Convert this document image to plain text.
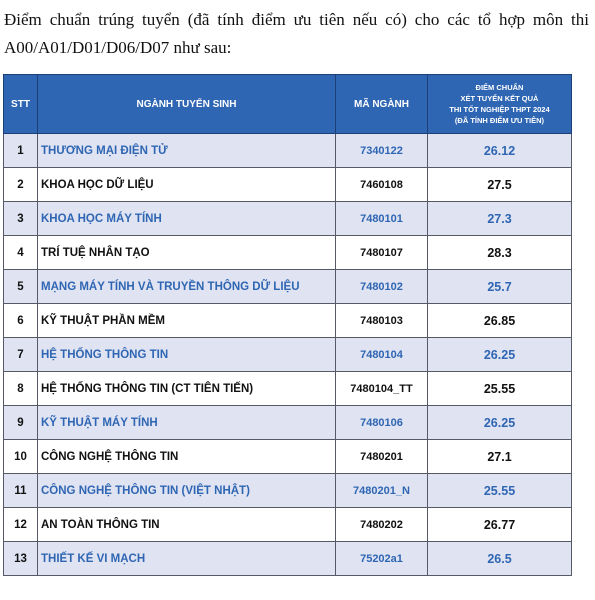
Điểm chuẩn trúng tuyển (đã tính điểm ưu tiên nếu có) cho các tổ hợp môn thi
A00/A01/D01/D06/D07 như sau:
STT	NGÀNH TUYỂN SINH	MÃ NGÀNH	ĐIỂM CHUẨN
XÉT TUYỂN KẾT QUẢ
THI TỐT NGHIỆP THPT 2024
(ĐÃ TÍNH ĐIỂM ƯU TIÊN)

1	THƯƠNG MẠI ĐIỆN TỬ	7340122	26.12
2	KHOA HỌC DỮ LIỆU	7460108	27.5
3	KHOA HỌC MÁY TÍNH	7480101	27.3
4	TRÍ TUỆ NHÂN TẠO	7480107	28.3
5	MẠNG MÁY TÍNH VÀ TRUYỀN THÔNG DỮ LIỆU	7480102	25.7
6	KỸ THUẬT PHẦN MỀM	7480103	26.85
7	HỆ THỐNG THÔNG TIN	7480104	26.25
8	HỆ THỐNG THÔNG TIN (CT TIÊN TIẾN)	7480104_TT	25.55
9	KỸ THUẬT MÁY TÍNH	7480106	26.25
10	CÔNG NGHỆ THÔNG TIN	7480201	27.1
11	CÔNG NGHỆ THÔNG TIN (VIỆT NHẬT)	7480201_N	25.55
12	AN TOÀN THÔNG TIN	7480202	26.77
13	THIẾT KẾ VI MẠCH	75202a1	26.5
